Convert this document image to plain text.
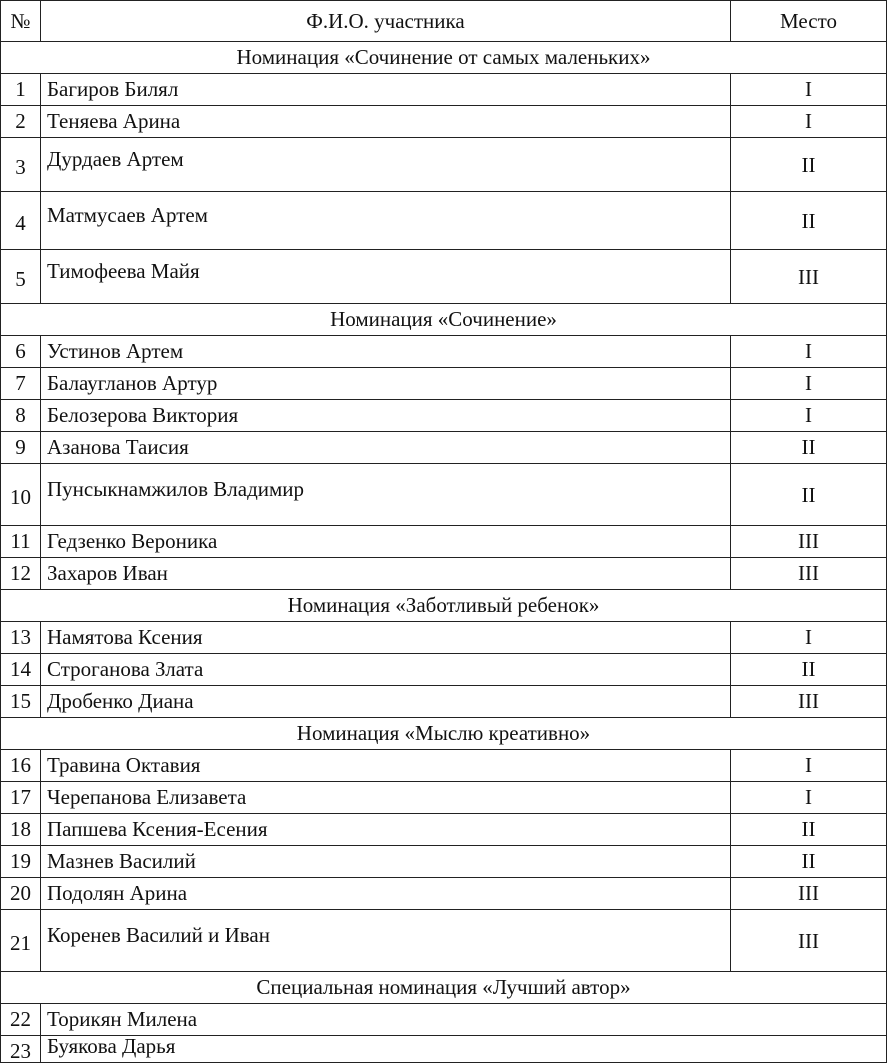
№	Ф.И.О. участника	Место
Номинация «Сочинение от самых маленьких»		
1	Багиров Билял	I
2	Теняева Арина	I
3	Дурдаев Артем	II
4	Матмусаев Артем	II
5	Тимофеева Майя	III
Номинация «Сочинение»		
6	Устинов Артем	I
7	Балаугланов Артур	I
8	Белозерова Виктория	I
9	Азанова Таисия	II
10	Пунсыкнамжилов Владимир	II
11	Гедзенко Вероника	III
12	Захаров Иван	III
Номинация «Заботливый ребенок»		
13	Намятова Ксения	I
14	Строганова Злата	II
15	Дробенко Диана	III
Номинация «Мыслю креативно»		
16	Травина Октавия	I
17	Черепанова Елизавета	I
18	Папшева Ксения-Есения	II
19	Мазнев Василий	II
20	Подолян Арина	III
21	Коренев Василий и Иван	III
Специальная номинация «Лучший автор»		
22	Торикян Милена	
23	Буякова Дарья	
